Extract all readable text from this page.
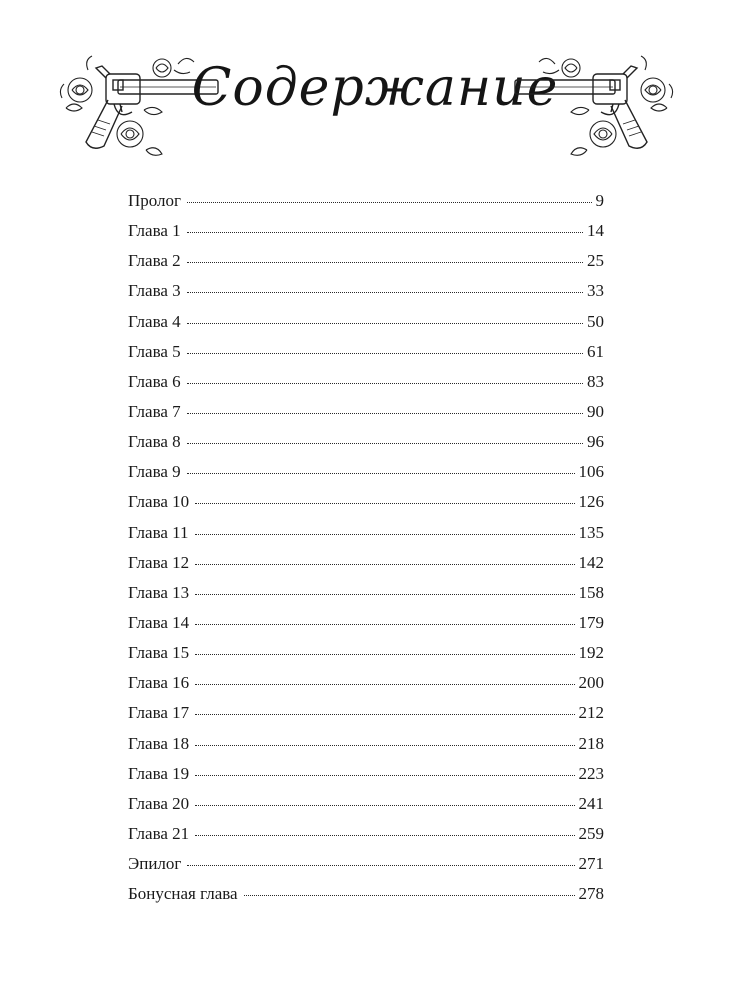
Содержание
Пролог	9
Глава 1	14
Глава 2	25
Глава 3	33
Глава 4	50
Глава 5	61
Глава 6	83
Глава 7	90
Глава 8	96
Глава 9	106
Глава 10	126
Глава 11	135
Глава 12	142
Глава 13	158
Глава 14	179
Глава 15	192
Глава 16	200
Глава 17	212
Глава 18	218
Глава 19	223
Глава 20	241
Глава 21	259
Эпилог	271
Бонусная глава	278
